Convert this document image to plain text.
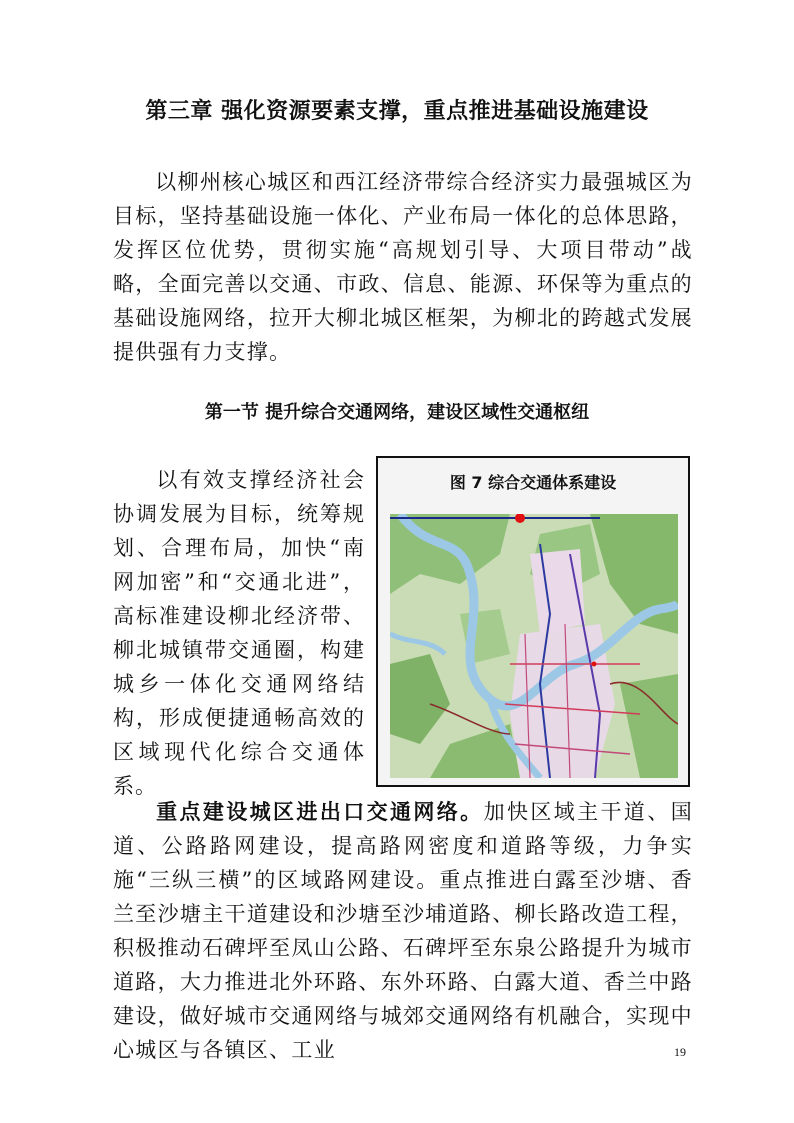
第三章 强化资源要素支撑，重点推进基础设施建设
以柳州核心城区和西江经济带综合经济实力最强城区为目标，坚持基础设施一体化、产业布局一体化的总体思路，发挥区位优势，贯彻实施“高规划引导、大项目带动”战略，全面完善以交通、市政、信息、能源、环保等为重点的基础设施网络，拉开大柳北城区框架，为柳北的跨越式发展提供强有力支撑。
第一节 提升综合交通网络，建设区域性交通枢纽
以有效支撑经济社会协调发展为目标，统筹规划、合理布局，加快“南网加密”和“交通北进”，高标准建设柳北经济带、柳北城镇带交通圈，构建城乡一体化交通网络结构，形成便捷通畅高效的区域现代化综合交通体系。
图 7 综合交通体系建设
重点建设城区进出口交通网络。加快区域主干道、国道、公路路网建设，提高路网密度和道路等级，力争实施“三纵三横”的区域路网建设。重点推进白露至沙塘、香兰至沙塘主干道建设和沙塘至沙埔道路、柳长路改造工程，积极推动石碑坪至凤山公路、石碑坪至东泉公路提升为城市道路，大力推进北外环路、东外环路、白露大道、香兰中路建设，做好城市交通网络与城郊交通网络有机融合，实现中心城区与各镇区、工业	19
